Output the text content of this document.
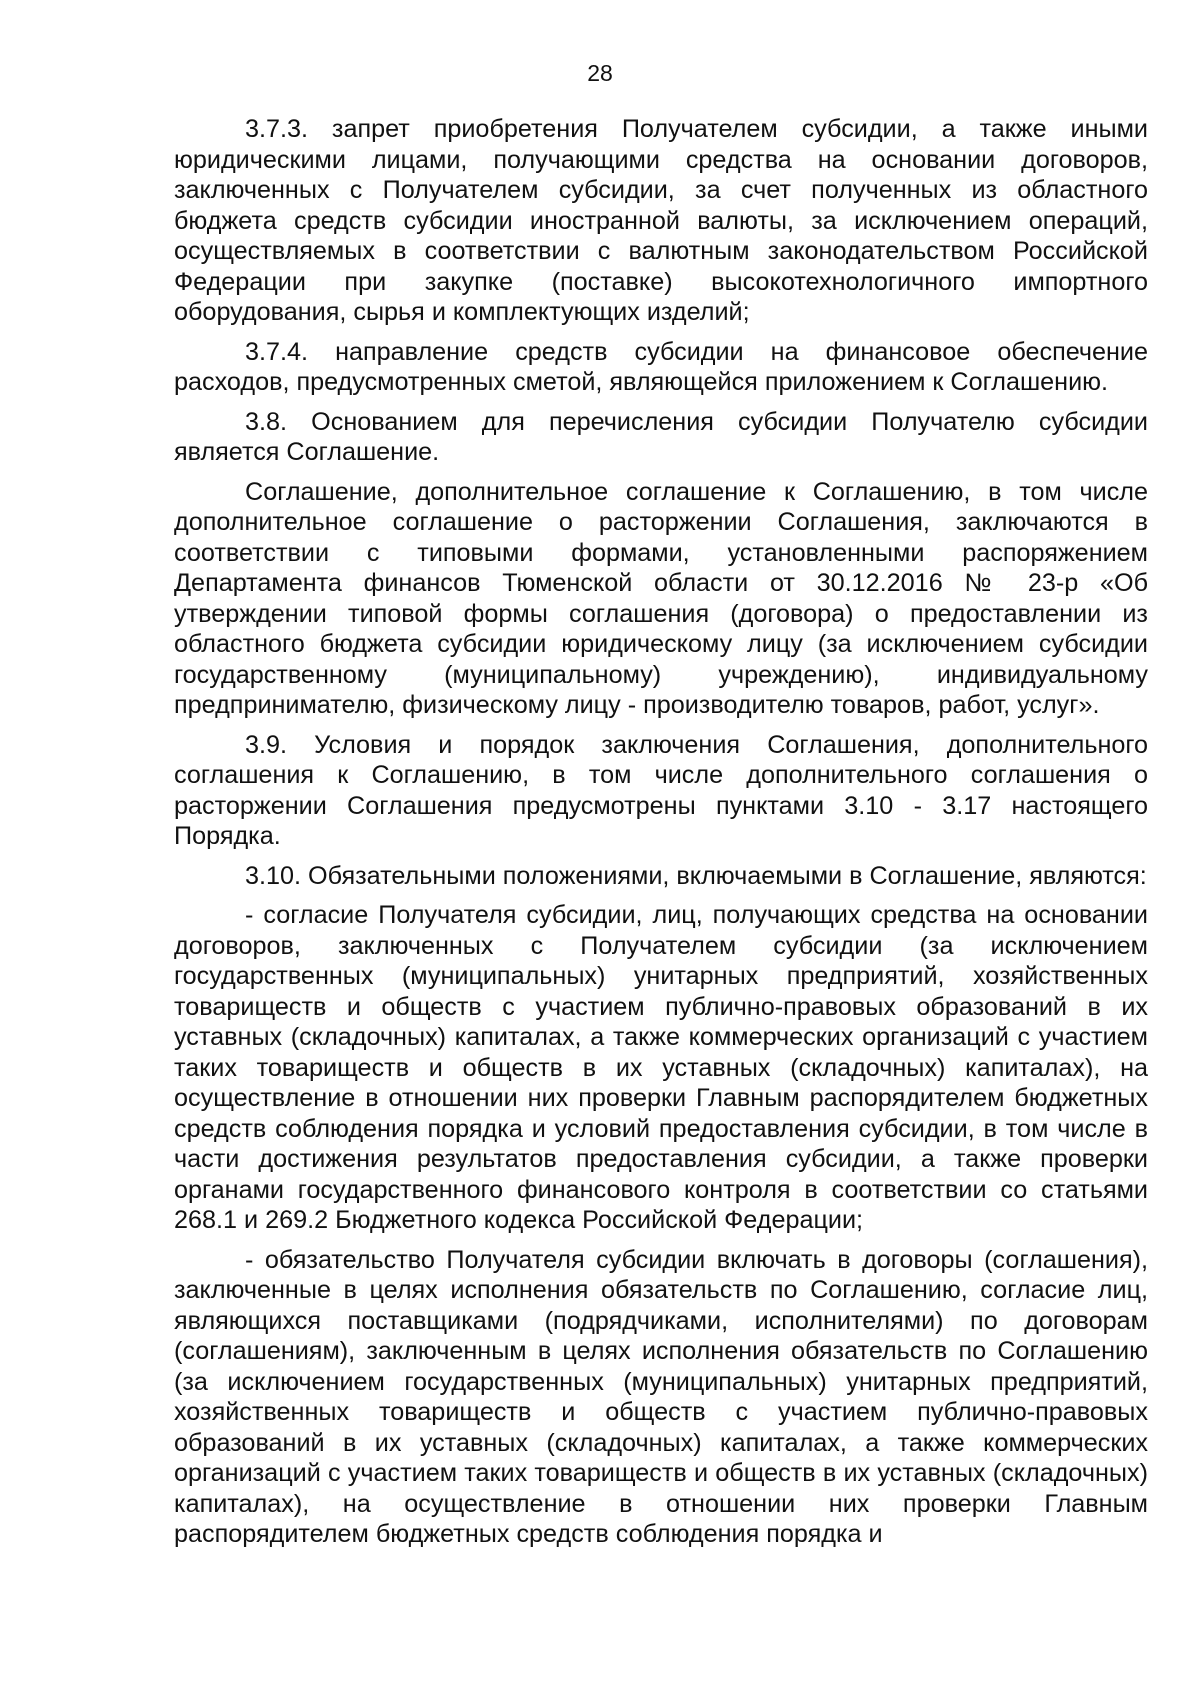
28

3.7.3. запрет приобретения Получателем субсидии, а также иными юридическими лицами, получающими средства на основании договоров, заключенных с Получателем субсидии, за счет полученных из областного бюджета средств субсидии иностранной валюты, за исключением операций, осуществляемых в соответствии с валютным законодательством Российской Федерации при закупке (поставке) высокотехнологичного импортного оборудования, сырья и комплектующих изделий;

3.7.4. направление средств субсидии на финансовое обеспечение расходов, предусмотренных сметой, являющейся приложением к Соглашению.

3.8. Основанием для перечисления субсидии Получателю субсидии является Соглашение.

Соглашение, дополнительное соглашение к Соглашению, в том числе дополнительное соглашение о расторжении Соглашения, заключаются в соответствии с типовыми формами, установленными распоряжением Департамента финансов Тюменской области от 30.12.2016 № 23-р «Об утверждении типовой формы соглашения (договора) о предоставлении из областного бюджета субсидии юридическому лицу (за исключением субсидии государственному (муниципальному) учреждению), индивидуальному предпринимателю, физическому лицу - производителю товаров, работ, услуг».

3.9. Условия и порядок заключения Соглашения, дополнительного соглашения к Соглашению, в том числе дополнительного соглашения о расторжении Соглашения предусмотрены пунктами 3.10 - 3.17 настоящего Порядка.

3.10. Обязательными положениями, включаемыми в Соглашение, являются:

- согласие Получателя субсидии, лиц, получающих средства на основании договоров, заключенных с Получателем субсидии (за исключением государственных (муниципальных) унитарных предприятий, хозяйственных товариществ и обществ с участием публично-правовых образований в их уставных (складочных) капиталах, а также коммерческих организаций с участием таких товариществ и обществ в их уставных (складочных) капиталах), на осуществление в отношении них проверки Главным распорядителем бюджетных средств соблюдения порядка и условий предоставления субсидии, в том числе в части достижения результатов предоставления субсидии, а также проверки органами государственного финансового контроля в соответствии со статьями 268.1 и 269.2 Бюджетного кодекса Российской Федерации;

- обязательство Получателя субсидии включать в договоры (соглашения), заключенные в целях исполнения обязательств по Соглашению, согласие лиц, являющихся поставщиками (подрядчиками, исполнителями) по договорам (соглашениям), заключенным в целях исполнения обязательств по Соглашению (за исключением государственных (муниципальных) унитарных предприятий, хозяйственных товариществ и обществ с участием публично-правовых образований в их уставных (складочных) капиталах, а также коммерческих организаций с участием таких товариществ и обществ в их уставных (складочных) капиталах), на осуществление в отношении них проверки Главным распорядителем бюджетных средств соблюдения порядка и
